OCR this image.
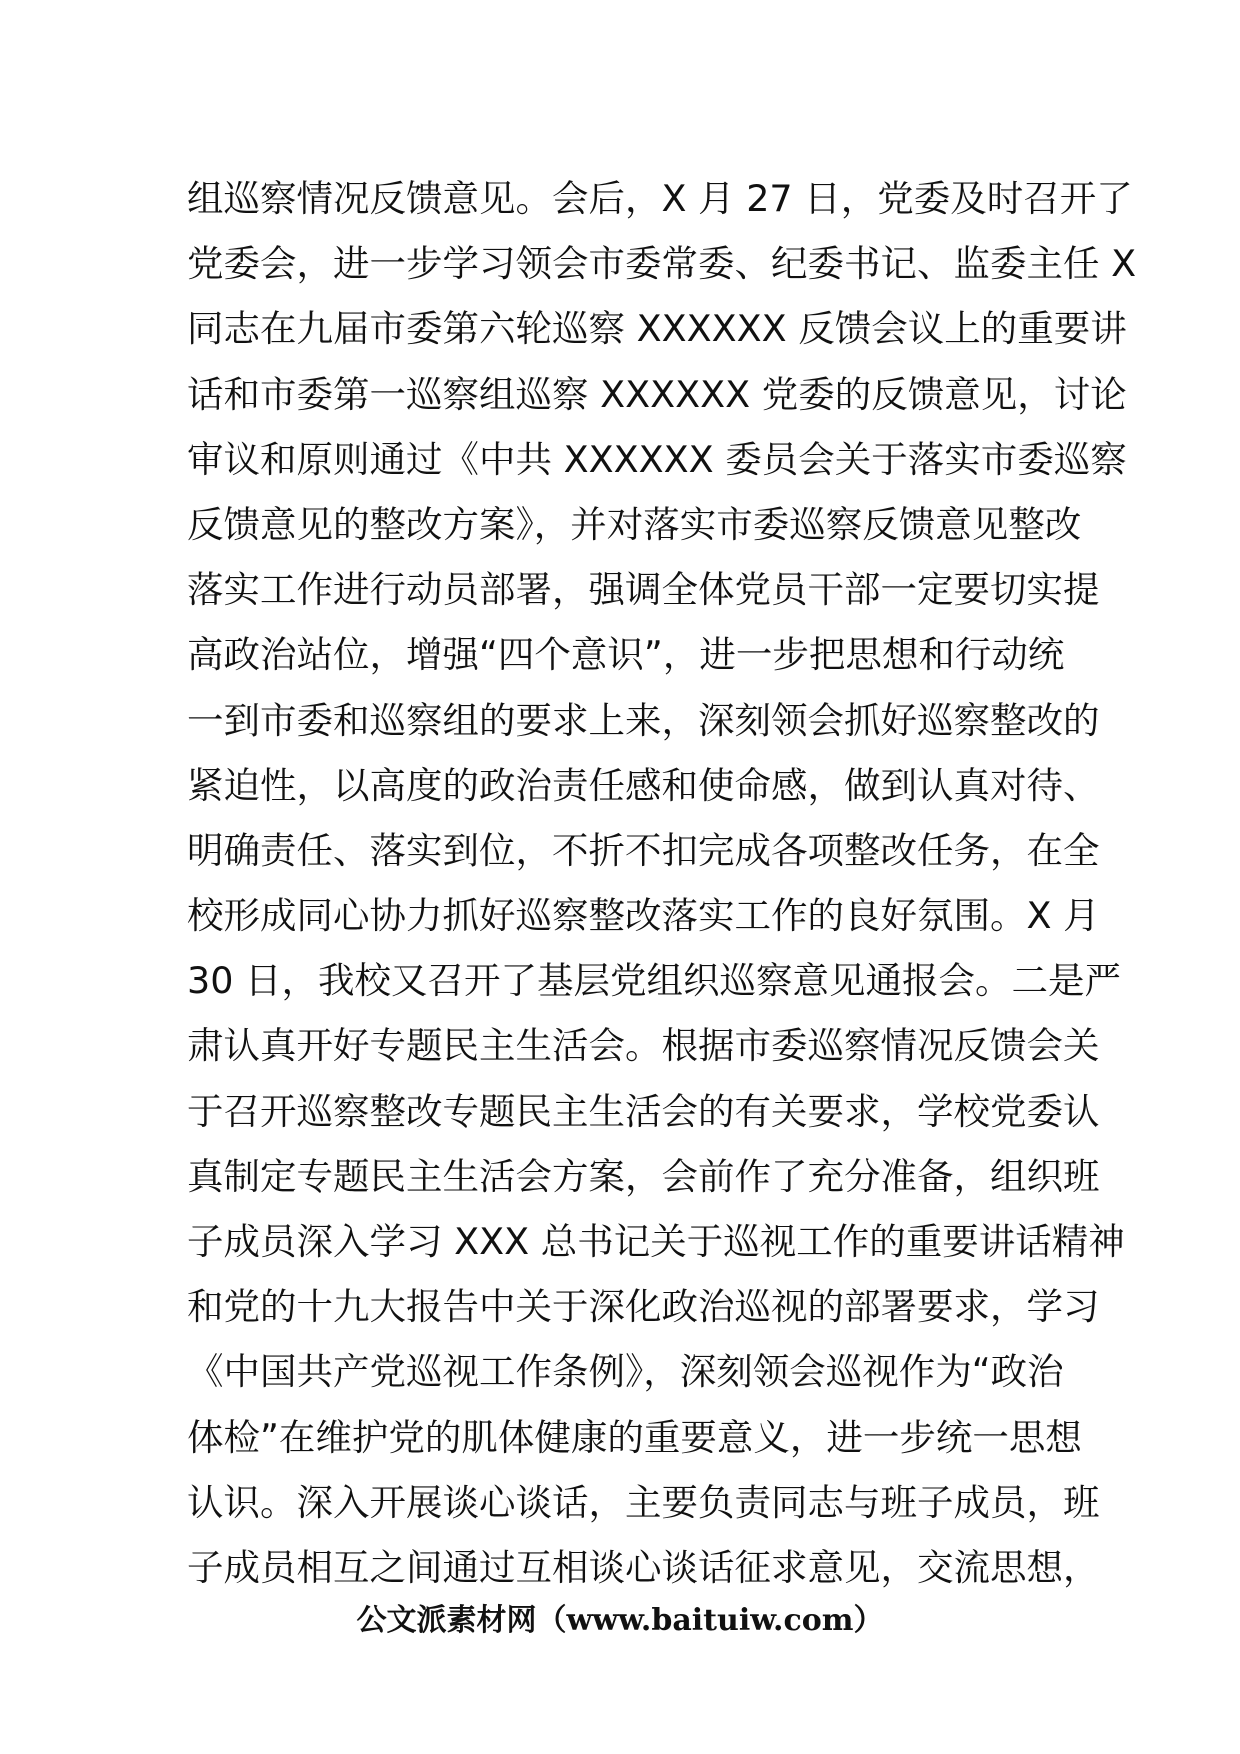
组巡察情况反馈意见。会后，X 月 27 日，党委及时召开了
党委会，进一步学习领会市委常委、纪委书记、监委主任 X
同志在九届市委第六轮巡察 XXXXXX 反馈会议上的重要讲
话和市委第一巡察组巡察 XXXXXX 党委的反馈意见，讨论
审议和原则通过《中共 XXXXXX 委员会关于落实市委巡察
反馈意见的整改方案》，并对落实市委巡察反馈意见整改
落实工作进行动员部署，强调全体党员干部一定要切实提
高政治站位，增强“四个意识”，进一步把思想和行动统
一到市委和巡察组的要求上来，深刻领会抓好巡察整改的
紧迫性，以高度的政治责任感和使命感，做到认真对待、
明确责任、落实到位，不折不扣完成各项整改任务，在全
校形成同心协力抓好巡察整改落实工作的良好氛围。X 月
30 日，我校又召开了基层党组织巡察意见通报会。二是严
肃认真开好专题民主生活会。根据市委巡察情况反馈会关
于召开巡察整改专题民主生活会的有关要求，学校党委认
真制定专题民主生活会方案，会前作了充分准备，组织班
子成员深入学习 XXX 总书记关于巡视工作的重要讲话精神
和党的十九大报告中关于深化政治巡视的部署要求，学习
《中国共产党巡视工作条例》，深刻领会巡视作为“政治
体检”在维护党的肌体健康的重要意义，进一步统一思想
认识。深入开展谈心谈话，主要负责同志与班子成员，班
子成员相互之间通过互相谈心谈话征求意见，交流思想，
公文派素材网（www.baituiw.com）
